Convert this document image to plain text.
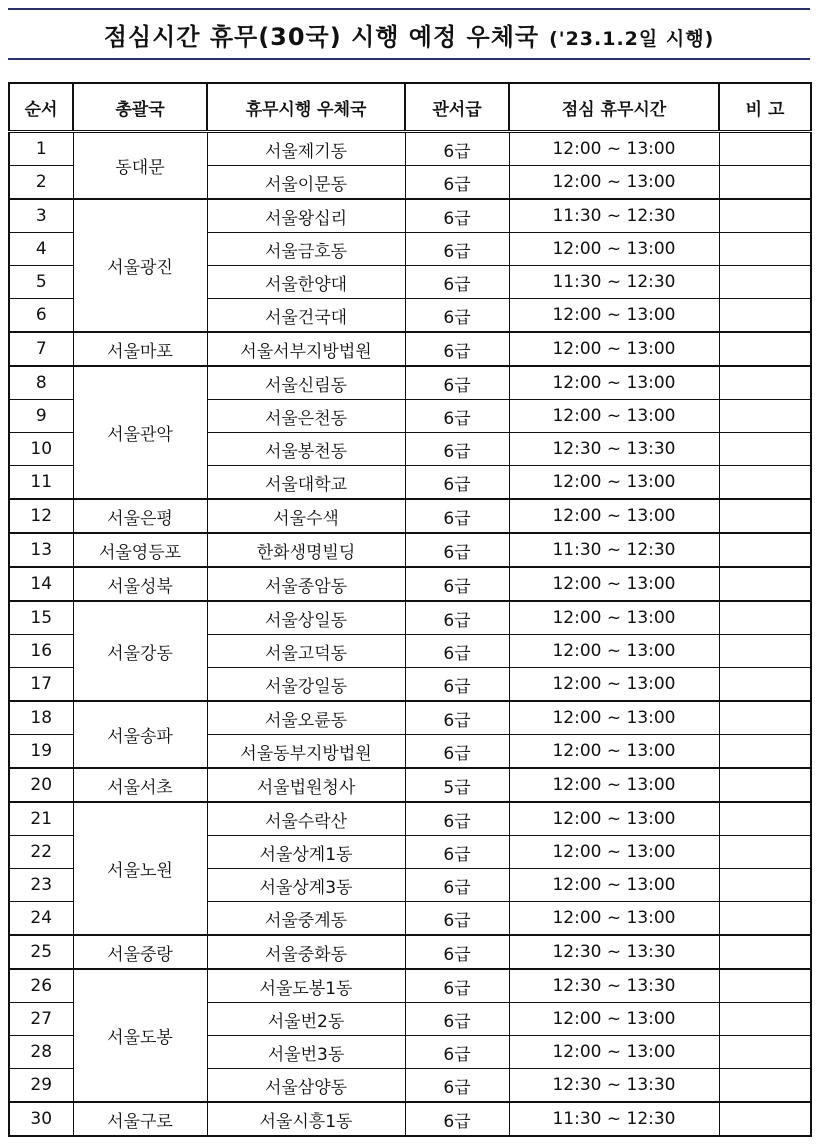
점심시간 휴무(30국) 시행 예정 우체국 ('23.1.2일 시행)
순서	총괄국	휴무시행 우체국	관서급	점심 휴무시간	비 고
1	동대문	서울제기동	6급	12:00 ~ 13:00	
2		서울이문동	6급	12:00 ~ 13:00	
3	서울광진	서울왕십리	6급	11:30 ~ 12:30	
4		서울금호동	6급	12:00 ~ 13:00	
5		서울한양대	6급	11:30 ~ 12:30	
6		서울건국대	6급	12:00 ~ 13:00	
7	서울마포	서울서부지방법원	6급	12:00 ~ 13:00	
8	서울관악	서울신림동	6급	12:00 ~ 13:00	
9		서울은천동	6급	12:00 ~ 13:00	
10		서울봉천동	6급	12:30 ~ 13:30	
11		서울대학교	6급	12:00 ~ 13:00	
12	서울은평	서울수색	6급	12:00 ~ 13:00	
13	서울영등포	한화생명빌딩	6급	11:30 ~ 12:30	
14	서울성북	서울종암동	6급	12:00 ~ 13:00	
15	서울강동	서울상일동	6급	12:00 ~ 13:00	
16		서울고덕동	6급	12:00 ~ 13:00	
17		서울강일동	6급	12:00 ~ 13:00	
18	서울송파	서울오륜동	6급	12:00 ~ 13:00	
19		서울동부지방법원	6급	12:00 ~ 13:00	
20	서울서초	서울법원청사	5급	12:00 ~ 13:00	
21	서울노원	서울수락산	6급	12:00 ~ 13:00	
22		서울상계1동	6급	12:00 ~ 13:00	
23		서울상계3동	6급	12:00 ~ 13:00	
24		서울중계동	6급	12:00 ~ 13:00	
25	서울중랑	서울중화동	6급	12:30 ~ 13:30	
26	서울도봉	서울도봉1동	6급	12:30 ~ 13:30	
27		서울번2동	6급	12:00 ~ 13:00	
28		서울번3동	6급	12:00 ~ 13:00	
29		서울삼양동	6급	12:30 ~ 13:30	
30	서울구로	서울시흥1동	6급	11:30 ~ 12:30	
